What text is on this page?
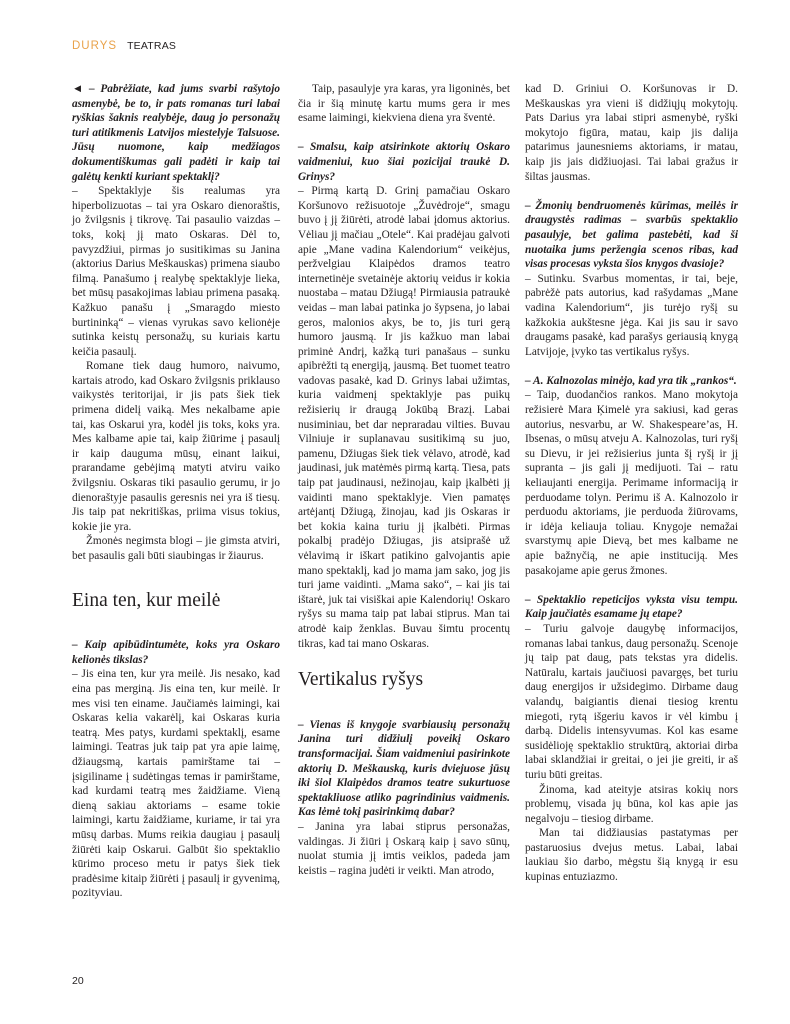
DURYS TEATRAS

◄ – Pabrėžiate, kad jums svarbi rašytojo asmenybė, be to, ir pats romanas turi labai ryškias šaknis realybėje, daug jo personažų turi atitikmenis Latvijos miestelyje Talsuose. Jūsų nuomone, kaip medžiagos dokumentiškumas gali padėti ir kaip tai galėtų kenkti kuriant spektaklį?

– Spektaklyje šis realumas yra hiperbolizuotas – tai yra Oskaro dienoraštis, jo žvilgsnis į tikrovę. Tai pasaulio vaizdas – toks, kokį jį mato Oskaras. Dėl to, pavyzdžiui, pirmas jo susitikimas su Janina (aktorius Darius Meškauskas) primena siaubo filmą. Panašumo į realybę spektaklyje lieka, bet mūsų pasakojimas labiau primena pasaką. Kažkuo panašu į „Smaragdo miesto burtininką“ – vienas vyrukas savo kelionėje sutinka keistų personažų, su kuriais kartu keičia pasaulį.

Romane tiek daug humoro, naivumo, kartais atrodo, kad Oskaro žvilgsnis priklauso vaikystės teritorijai, ir jis pats šiek tiek primena didelį vaiką. Mes nekalbame apie tai, kas Oskarui yra, kodėl jis toks, koks yra. Mes kalbame apie tai, kaip žiūrime į pasaulį ir kaip dauguma mūsų, einant laikui, prarandame gebėjimą matyti atviru vaiko žvilgsniu. Oskaras tiki pasaulio gerumu, ir jo dienoraštyje pasaulis geresnis nei yra iš tiesų. Jis taip pat nekritiškas, priima visus tokius, kokie jie yra.

Žmonės negimsta blogi – jie gimsta atviri, bet pasaulis gali būti siaubingas ir žiaurus.

Eina ten, kur meilė

– Kaip apibūdintumėte, koks yra Oskaro kelionės tikslas?

– Jis eina ten, kur yra meilė. Jis nesako, kad eina pas merginą. Jis eina ten, kur meilė. Ir mes visi ten einame. Jaučiamės laimingi, kai Oskaras kelia vakarėlį, kai Oskaras kuria teatrą. Mes patys, kurdami spektaklį, esame laimingi. Teatras juk taip pat yra apie laimę, džiaugsmą, kartais pamirštame tai – įsigiliname į sudėtingas temas ir pamirštame, kad kurdami teatrą mes žaidžiame. Vieną dieną sakiau aktoriams – esame tokie laimingi, kartu žaidžiame, kuriame, ir tai yra mūsų darbas. Mums reikia daugiau į pasaulį žiūrėti kaip Oskarui. Galbūt šio spektaklio kūrimo proceso metu ir patys šiek tiek pradėsime kitaip žiūrėti į pasaulį ir gyvenimą, pozityviau.

Taip, pasaulyje yra karas, yra ligoninės, bet čia ir šią minutę kartu mums gera ir mes esame laimingi, kiekviena diena yra šventė.

– Smalsu, kaip atsirinkote aktorių Oskaro vaidmeniui, kuo šiai pozicijai traukė D. Grinys?

– Pirmą kartą D. Grinį pamačiau Oskaro Koršunovo režisuotoje „Žuvėdroje“, smagu buvo į jį žiūrėti, atrodė labai įdomus aktorius. Vėliau jį mačiau „Otele“. Kai pradėjau galvoti apie „Mane vadina Kalendorium“ veikėjus, peržvelgiau Klaipėdos dramos teatro internetinėje svetainėje aktorių veidus ir kokia nuostaba – matau Džiugą! Pirmiausia patraukė veidas – man labai patinka jo šypsena, jo labai geros, malonios akys, be to, jis turi gerą humoro jausmą. Ir jis kažkuo man labai priminė Andrį, kažką turi panašaus – sunku apibrėžti tą energiją, jausmą. Bet tuomet teatro vadovas pasakė, kad D. Grinys labai užimtas, kuria vaidmenį spektaklyje pas puikų režisierių ir draugą Jokūbą Brazį. Labai nusiminiau, bet dar nepraradau vilties. Buvau Vilniuje ir suplanavau susitikimą su juo, pamenu, Džiugas šiek tiek vėlavo, atrodė, kad jaudinasi, juk matėmės pirmą kartą. Tiesa, pats taip pat jaudinausi, nežinojau, kaip įkalbėti jį vaidinti mano spektaklyje. Vien pamatęs artėjantį Džiugą, žinojau, kad jis Oskaras ir bet kokia kaina turiu jį įkalbėti. Pirmas pokalbį pradėjo Džiugas, jis atsiprašė už vėlavimą ir iškart patikino galvojantis apie mano spektaklį, kad jo mama jam sako, jog jis turi jame vaidinti. „Mama sako“, – kai jis tai ištarė, juk tai visiškai apie Kalendorių! Oskaro ryšys su mama taip pat labai stiprus. Man tai atrodė kaip ženklas. Buvau šimtu procentų tikras, kad tai mano Oskaras.

Vertikalus ryšys

– Vienas iš knygoje svarbiausių personažų Janina turi didžiulį poveikį Oskaro transformacijai. Šiam vaidmeniui pasirinkote aktorių D. Meškauską, kuris dviejuose jūsų iki šiol Klaipėdos dramos teatre sukurtuose spektakliuose atliko pagrindinius vaidmenis. Kas lėmė tokį pasirinkimą dabar?

– Janina yra labai stiprus personažas, valdingas. Ji žiūri į Oskarą kaip į savo sūnų, nuolat stumia jį imtis veiklos, padeda jam keistis – ragina judėti ir veikti. Man atrodo,

kad D. Griniui O. Koršunovas ir D. Meškauskas yra vieni iš didžiųjų mokytojų. Pats Darius yra labai stipri asmenybė, ryški mokytojo figūra, matau, kaip jis dalija patarimus jaunesniems aktoriams, ir matau, kaip jis jais didžiuojasi. Tai labai gražus ir šiltas jausmas.

– Žmonių bendruomenės kūrimas, meilės ir draugystės radimas – svarbūs spektaklio pasaulyje, bet galima pastebėti, kad ši nuotaika jums peržengia scenos ribas, kad visas procesas vyksta šios knygos dvasioje?

– Sutinku. Svarbus momentas, ir tai, beje, pabrėžė pats autorius, kad rašydamas „Mane vadina Kalendorium“, jis turėjo ryšį su kažkokia aukštesne jėga. Kai jis sau ir savo draugams pasakė, kad parašys geriausią knygą Latvijoje, įvyko tas vertikalus ryšys.

– A. Kalnozolas minėjo, kad yra tik „rankos“.

– Taip, duodančios rankos. Mano mokytoja režisierė Mara Ķimelė yra sakiusi, kad geras autorius, nesvarbu, ar W. Shakespeare’as, H. Ibsenas, o mūsų atveju A. Kalnozolas, turi ryšį su Dievu, ir jei režisierius junta šį ryšį ir jį supranta – jis gali jį medijuoti. Tai – ratu keliaujanti energija. Perimame informaciją ir perduodame tolyn. Perimu iš A. Kalnozolo ir perduodu aktoriams, jie perduoda žiūrovams, ir idėja keliauja toliau. Knygoje nemažai svarstymų apie Dievą, bet mes kalbame ne apie bažnyčią, ne apie instituciją. Mes pasakojame apie gerus žmones.

– Spektaklio repeticijos vyksta visu tempu. Kaip jaučiatės esamame jų etape?

– Turiu galvoje daugybę informacijos, romanas labai tankus, daug personažų. Scenoje jų taip pat daug, pats tekstas yra didelis. Natūralu, kartais jaučiuosi pavargęs, bet turiu daug energijos ir užsidegimo. Dirbame daug valandų, baigiantis dienai tiesiog krentu miegoti, rytą išgeriu kavos ir vėl kimbu į darbą. Didelis intensyvumas. Kol kas esame susidėlioję spektaklio struktūrą, aktoriai dirba labai sklandžiai ir greitai, o jei jie greiti, ir aš turiu būti greitas.

Žinoma, kad ateityje atsiras kokių nors problemų, visada jų būna, kol kas apie jas negalvoju – tiesiog dirbame.

Man tai didžiausias pastatymas per pastaruosius dvejus metus. Labai, labai laukiau šio darbo, mėgstu šią knygą ir esu kupinas entuziazmo.

20
